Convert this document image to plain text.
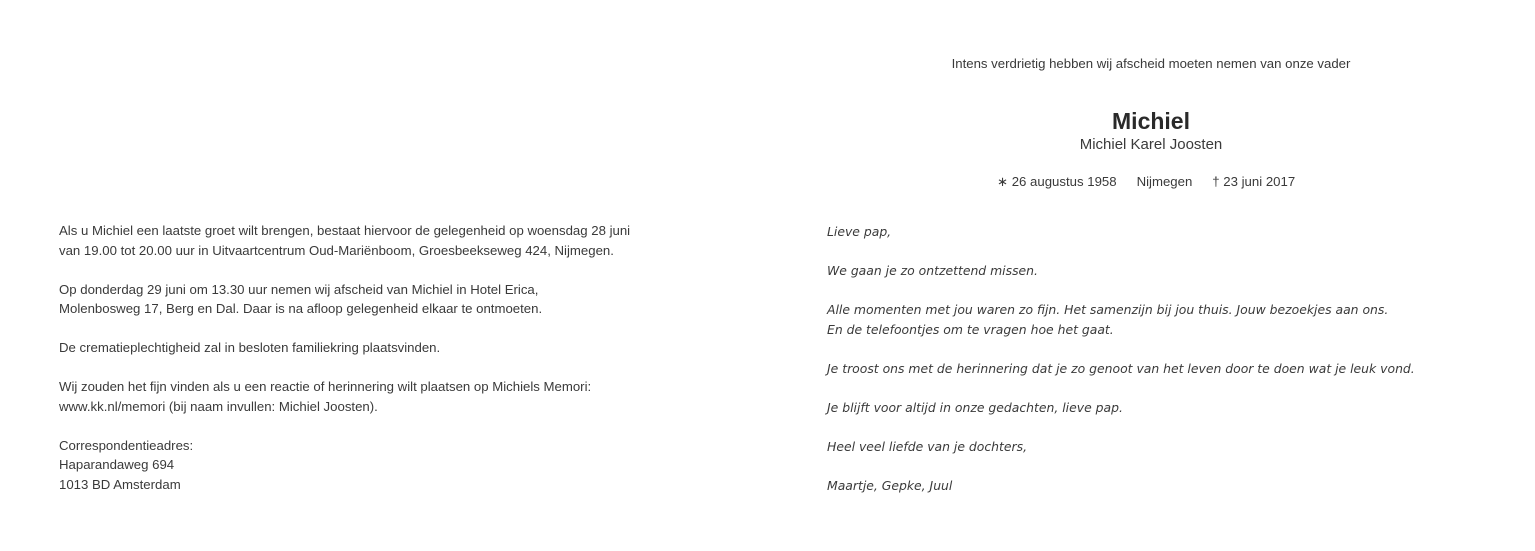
Als u Michiel een laatste groet wilt brengen, bestaat hiervoor de gelegenheid op woensdag 28 juni
van 19.00 tot 20.00 uur in Uitvaartcentrum Oud-Mariënboom, Groesbeekseweg 424, Nijmegen.

Op donderdag 29 juni om 13.30 uur nemen wij afscheid van Michiel in Hotel Erica,
Molenbosweg 17, Berg en Dal. Daar is na afloop gelegenheid elkaar te ontmoeten.

De crematieplechtigheid zal in besloten familiekring plaatsvinden.

Wij zouden het fijn vinden als u een reactie of herinnering wilt plaatsen op Michiels Memori:
www.kk.nl/memori (bij naam invullen: Michiel Joosten).

Correspondentieadres:

Haparandaweg 694

1013 BD Amsterdam

Intens verdrietig hebben wij afscheid moeten nemen van onze vader
Michiel
Michiel Karel Joosten
∗ 26 augustus 1958 Nijmegen † 23 juni 2017

Lieve pap,

We gaan je zo ontzettend missen.

Alle momenten met jou waren zo fijn. Het samenzijn bij jou thuis. Jouw bezoekjes aan ons.
En de telefoontjes om te vragen hoe het gaat.

Je troost ons met de herinnering dat je zo genoot van het leven door te doen wat je leuk vond.

Je blijft voor altijd in onze gedachten, lieve pap.

Heel veel liefde van je dochters,

Maartje, Gepke, Juul
